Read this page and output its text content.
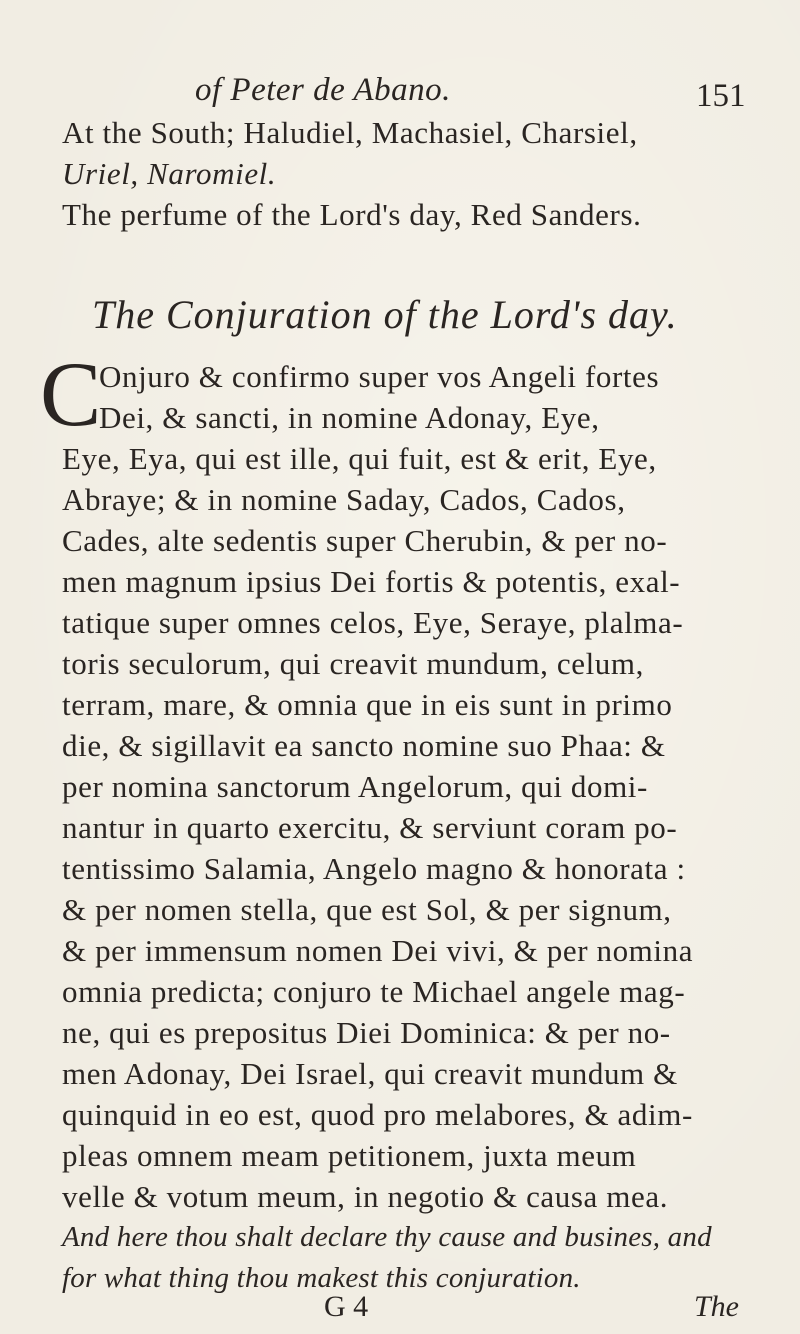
of Peter de Abano.	151
At the South; Haludiel, Machasiel, Charsiel,
Uriel, Naromiel.
The perfume of the Lord's day, Red Sanders.
The Conjuration of the Lord's day.
C
Onjuro & confirmo super vos Angeli fortes
Dei, & sancti, in nomine Adonay, Eye,
Eye, Eya, qui est ille, qui fuit, est & erit, Eye,
Abraye; & in nomine Saday, Cados, Cados,
Cades, alte sedentis super Cherubin, & per no-
men magnum ipsius Dei fortis & potentis, exal-
tatique super omnes celos, Eye, Seraye, plalma-
toris seculorum, qui creavit mundum, celum,
terram, mare, & omnia que in eis sunt in primo
die, & sigillavit ea sancto nomine suo Phaa: &
per nomina sanctorum Angelorum, qui domi-
nantur in quarto exercitu, & serviunt coram po-
tentissimo Salamia, Angelo magno & honorata :
& per nomen stella, que est Sol, & per signum,
& per immensum nomen Dei vivi, & per nomina
omnia predicta; conjuro te Michael angele mag-
ne, qui es prepositus Diei Dominica: & per no-
men Adonay, Dei Israel, qui creavit mundum &
quinquid in eo est, quod pro melabores, & adim-
pleas omnem meam petitionem, juxta meum
velle & votum meum, in negotio & causa mea.
And here thou shalt declare thy cause and busines, and
for what thing thou makest this conjuration.
G 4	The
